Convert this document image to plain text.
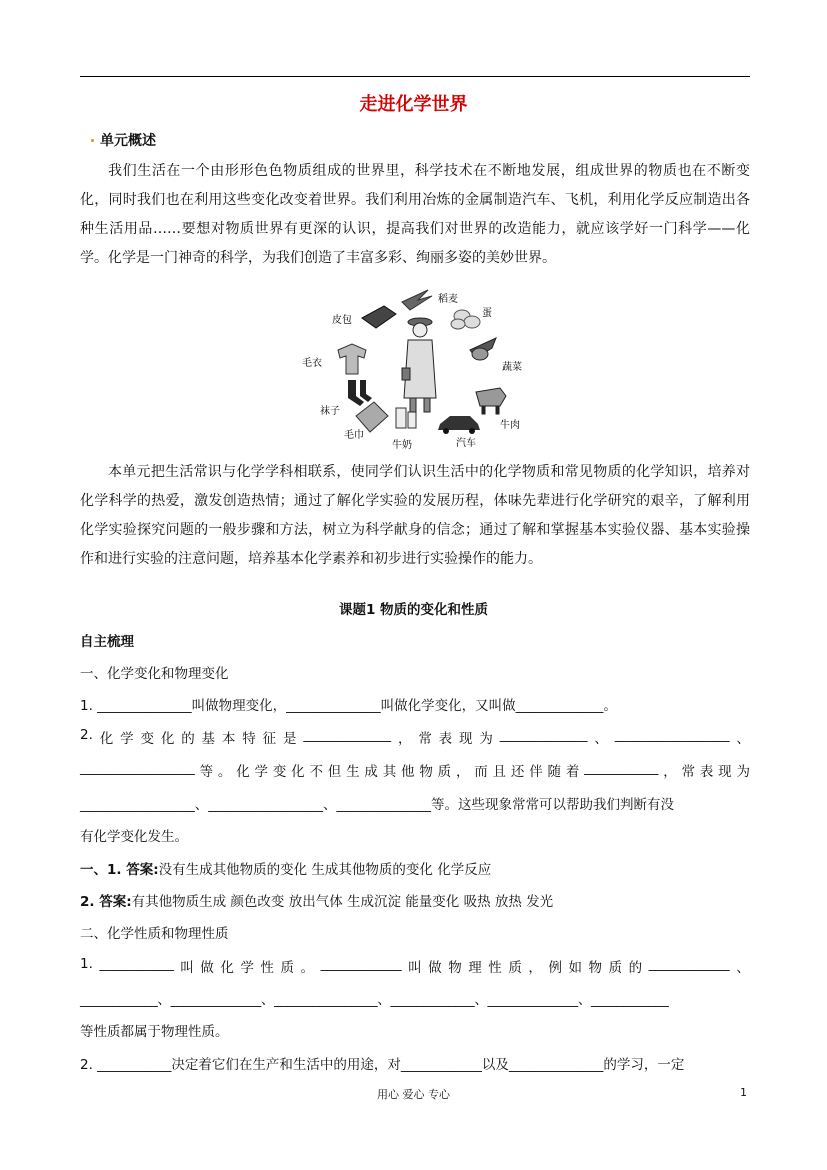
走进化学世界
单元概述
我们生活在一个由形形色色物质组成的世界里，科学技术在不断地发展，组成世界的物质也在不断变化，同时我们也在利用这些变化改变着世界。我们利用冶炼的金属制造汽车、飞机，利用化学反应制造出各种生活用品……要想对物质世界有更深的认识，提高我们对世界的改造能力，就应该学好一门科学——化学。化学是一门神奇的科学，为我们创造了丰富多彩、绚丽多姿的美妙世界。
稻麦
皮包
蛋
毛衣	蔬菜
袜子
牛肉
毛巾
牛奶	汽车
本单元把生活常识与化学学科相联系，使同学们认识生活中的化学物质和常见物质的化学知识，培养对化学科学的热爱，激发创造热情；通过了解化学实验的发展历程，体味先辈进行化学研究的艰辛，了解利用化学实验探究问题的一般步骤和方法，树立为科学献身的信念；通过了解和掌握基本实验仪器、基本实验操作和进行实验的注意问题，培养基本化学素养和初步进行实验操作的能力。
课题1 物质的变化和性质
自主梳理
一、化学变化和物理变化
1. ______________叫做物理变化，______________叫做化学变化，又叫做_____________。
2. 化 学 变 化 的 基 本 特 征 是 _____________ ， 常 表 现 为 _____________ 、 _________________ 、
_________________ 等 。 化 学 变 化 不 但 生 成 其 他 物 质 ， 而 且 还 伴 随 着 ___________ ， 常 表 现 为
_________________、_________________、______________等。这些现象常常可以帮助我们判断有没
有化学变化发生。
一、1. 答案:没有生成其他物质的变化 生成其他物质的变化 化学反应
2. 答案:有其他物质生成 颜色改变 放出气体 生成沉淀 能量变化 吸热 放热 发光
二、化学性质和物理性质
1. ___________ 叫 做 化 学 性 质 。 ____________ 叫 做 物 理 性 质 ， 例 如 物 质 的 ____________ 、
____________、______________、________________、_____________、______________、____________
等性质都属于物理性质。
2. ___________决定着它们在生产和生活中的用途，对____________以及______________的学习，一定
用心 爱心 专心	1
